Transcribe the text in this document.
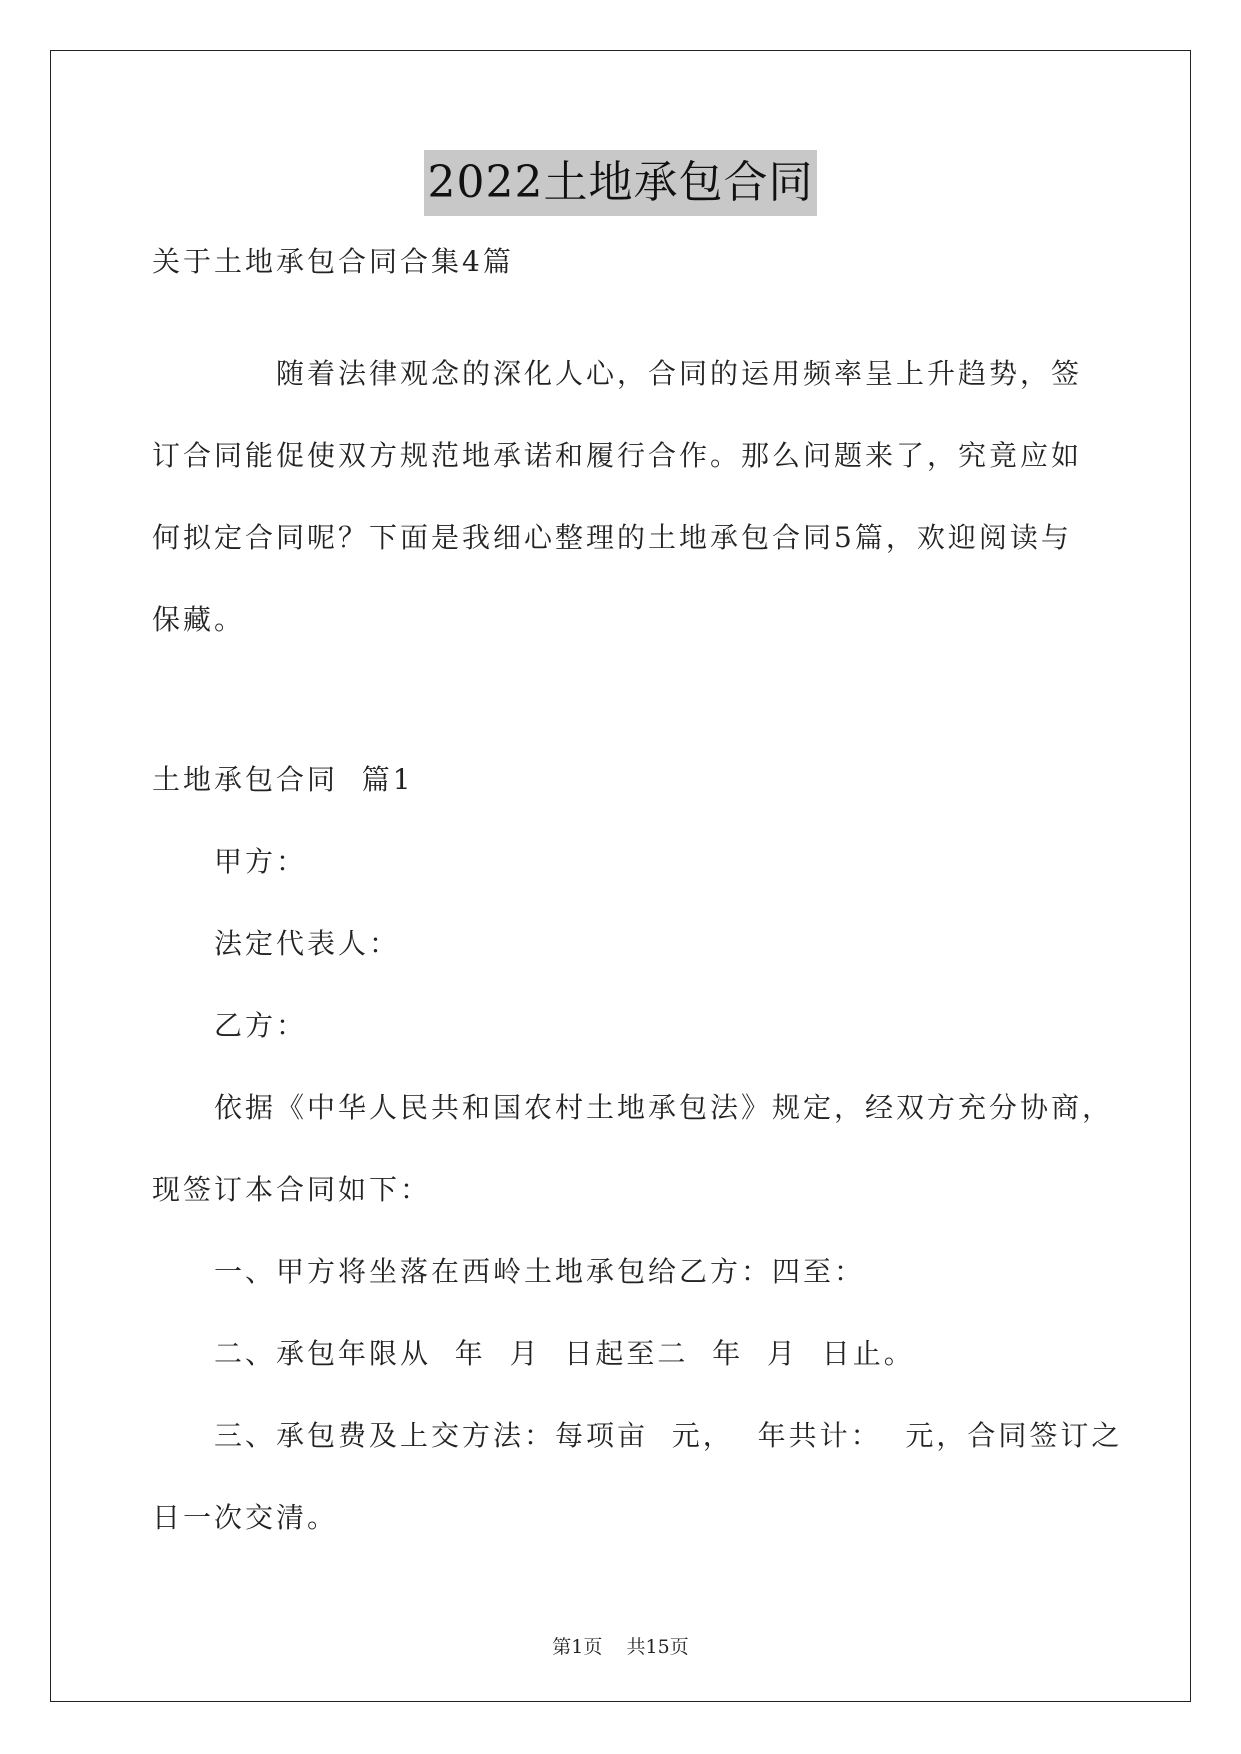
2022土地承包合同
关于土地承包合同合集4篇
随着法律观念的深化人心，合同的运用频率呈上升趋势，签
订合同能促使双方规范地承诺和履行合作。那么问题来了，究竟应如
何拟定合同呢？下面是我细心整理的土地承包合同5篇，欢迎阅读与
保藏。
土地承包合同  篇1
甲方：
法定代表人：
乙方：
依据《中华人民共和国农村土地承包法》规定，经双方充分协商，
现签订本合同如下：
一、甲方将坐落在西岭土地承包给乙方：四至：
二、承包年限从  年  月  日起至二  年  月  日止。
三、承包费及上交方法：每项亩  元，  年共计：  元，合同签订之
日一次交清。
第1页    共15页
